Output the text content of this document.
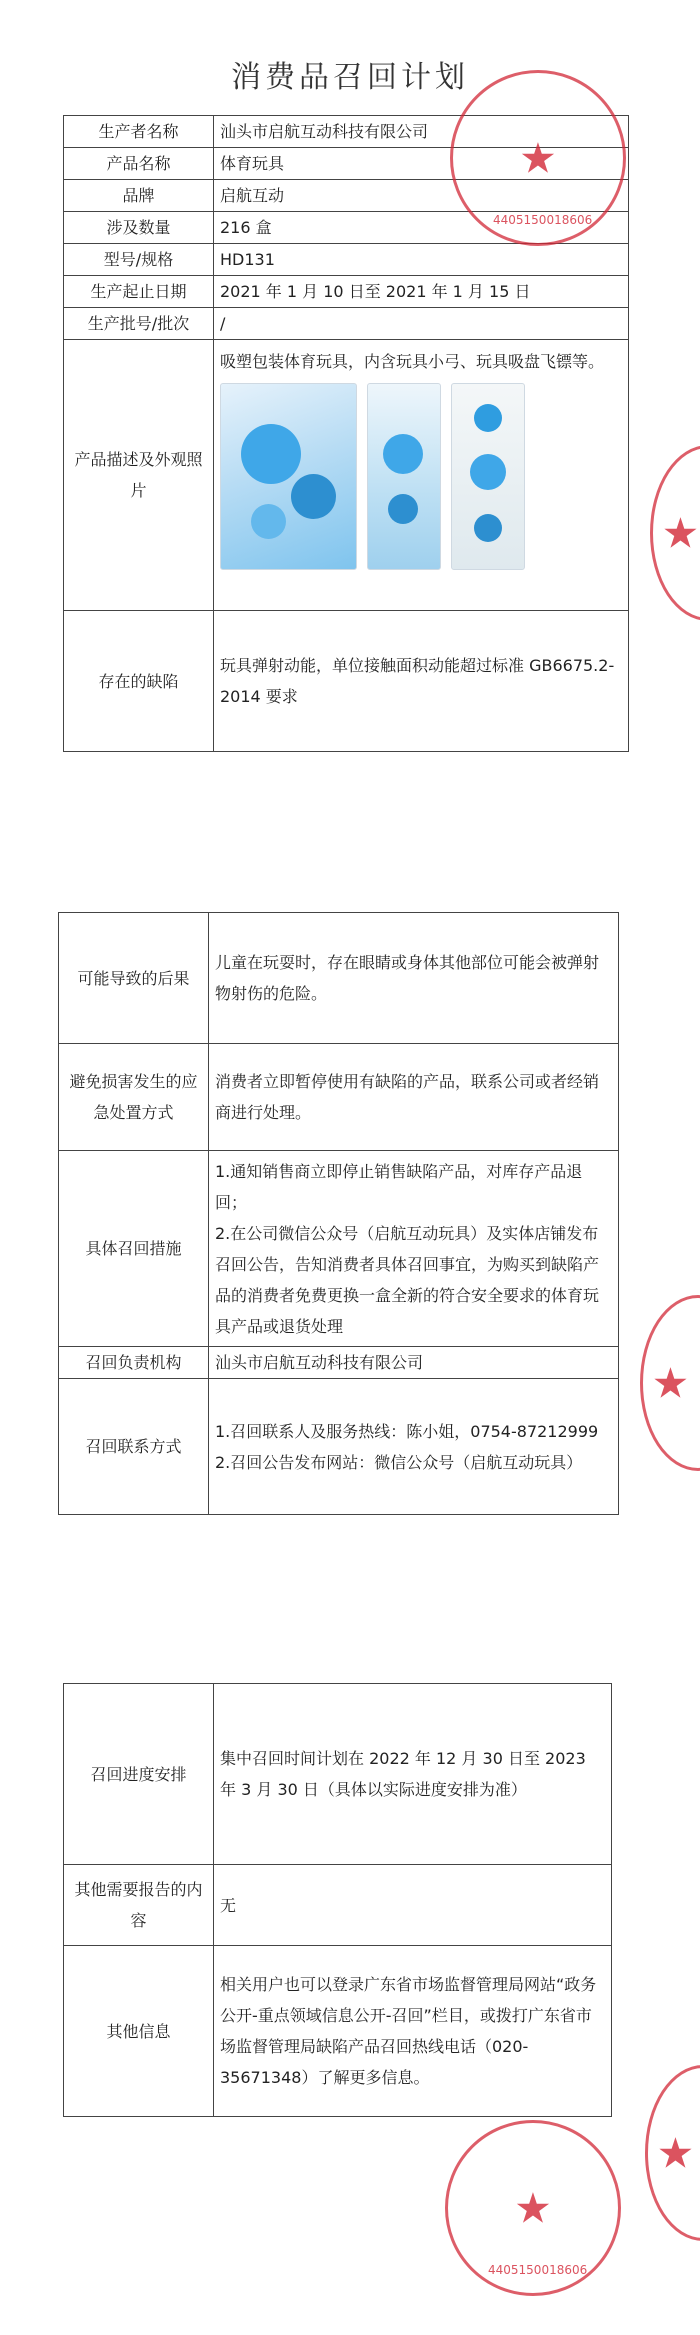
消费品召回计划
生产者名称	汕头市启航互动科技有限公司
产品名称	体育玩具
品牌	启航互动
涉及数量	216 盒
型号/规格	HD131
生产起止日期	2021 年 1 月 10 日至 2021 年 1 月 15 日
生产批号/批次	/
产品描述及外观照片	吸塑包装体育玩具，内含玩具小弓、玩具吸盘飞镖等。

存在的缺陷	玩具弹射动能，单位接触面积动能超过标准 GB6675.2-2014 要求
可能导致的后果	儿童在玩耍时，存在眼睛或身体其他部位可能会被弹射物射伤的危险。
避免损害发生的应急处置方式	消费者立即暂停使用有缺陷的产品，联系公司或者经销商进行处理。
具体召回措施	1.通知销售商立即停止销售缺陷产品，对库存产品退回；
2.在公司微信公众号（启航互动玩具）及实体店铺发布召回公告，告知消费者具体召回事宜，为购买到缺陷产品的消费者免费更换一盒全新的符合安全要求的体育玩具产品或退货处理

召回负责机构	汕头市启航互动科技有限公司
召回联系方式	1.召回联系人及服务热线：陈小姐，0754-87212999
2.召回公告发布网站：微信公众号（启航互动玩具）
召回进度安排	集中召回时间计划在 2022 年 12 月 30 日至 2023 年 3 月 30 日（具体以实际进度安排为准）
其他需要报告的内容	无
其他信息	相关用户也可以登录广东省市场监督管理局网站“政务公开-重点领域信息公开-召回”栏目，或拨打广东省市场监督管理局缺陷产品召回热线电话（020-35671348）了解更多信息。
★
4405150018606
★
★
★
★
4405150018606
